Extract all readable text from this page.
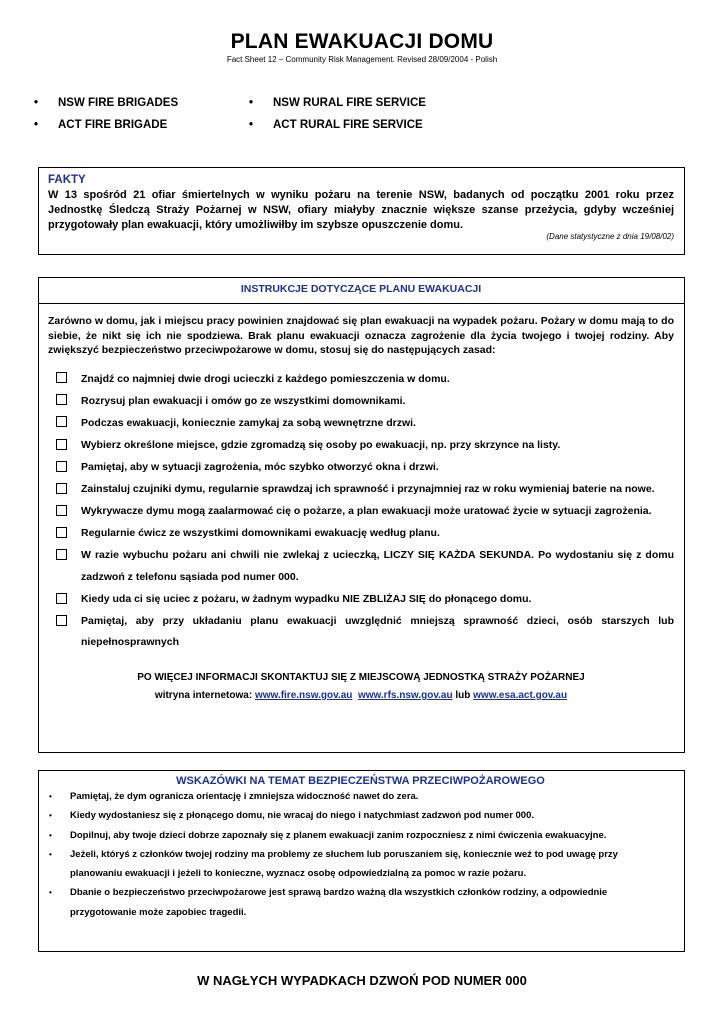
PLAN EWAKUACJI DOMU
Fact Sheet 12 – Community Risk Management. Revised 28/09/2004 - Polish
• NSW FIRE BRIGADES	• NSW RURAL FIRE SERVICE
• ACT FIRE BRIGADE	• ACT RURAL FIRE SERVICE
FAKTY
W 13 spośród 21 ofiar śmiertelnych w wyniku pożaru na terenie NSW, badanych od początku 2001 roku przez Jednostkę Śledczą Straży Pożarnej w NSW, ofiary miałyby znacznie większe szanse przeżycia, gdyby wcześniej przygotowały plan ewakuacji, który umożliwiłby im szybsze opuszczenie domu.
(Dane statystyczne z dnia 19/08/02)
INSTRUKCJE DOTYCZĄCE PLANU EWAKUACJI
Zarówno w domu, jak i miejscu pracy powinien znajdować się plan ewakuacji na wypadek pożaru. Pożary w domu mają to do siebie, że nikt się ich nie spodziewa. Brak planu ewakuacji oznacza zagrożenie dla życia twojego i twojej rodziny. Aby zwiększyć bezpieczeństwo przeciwpożarowe w domu, stosuj się do następujących zasad:
Znajdź co najmniej dwie drogi ucieczki z każdego pomieszczenia w domu.
Rozrysuj plan ewakuacji i omów go ze wszystkimi domownikami.
Podczas ewakuacji, koniecznie zamykaj za sobą wewnętrzne drzwi.
Wybierz określone miejsce, gdzie zgromadzą się osoby po ewakuacji, np. przy skrzynce na listy.
Pamiętaj, aby w sytuacji zagrożenia, móc szybko otworzyć okna i drzwi.
Zainstaluj czujniki dymu, regularnie sprawdzaj ich sprawność i przynajmniej raz w roku wymieniaj baterie na nowe.
Wykrywacze dymu mogą zaalarmować cię o pożarze, a plan ewakuacji może uratować życie w sytuacji zagrożenia.
Regularnie ćwicz ze wszystkimi domownikami ewakuację według planu.
W razie wybuchu pożaru ani chwili nie zwlekaj z ucieczką, LICZY SIĘ KAŻDA SEKUNDA. Po wydostaniu się z domu zadzwoń z telefonu sąsiada pod numer 000.
Kiedy uda ci się uciec z pożaru, w żadnym wypadku NIE ZBLIŻAJ SIĘ do płonącego domu.
Pamiętaj, aby przy układaniu planu ewakuacji uwzględnić mniejszą sprawność dzieci, osób starszych lub niepełnosprawnych
PO WIĘCEJ INFORMACJI SKONTAKTUJ SIĘ Z MIEJSCOWĄ JEDNOSTKĄ STRAŻY POŻARNEJ
witryna internetowa: www.fire.nsw.gov.au www.rfs.nsw.gov.au lub www.esa.act.gov.au
WSKAZÓWKI NA TEMAT BEZPIECZEŃSTWA PRZECIWPOŻAROWEGO
•	Pamiętaj, że dym ogranicza orientację i zmniejsza widoczność nawet do zera.
•	Kiedy wydostaniesz się z płonącego domu, nie wracaj do niego i natychmiast zadzwoń pod numer 000.
•	Dopilnuj, aby twoje dzieci dobrze zapoznały się z planem ewakuacji zanim rozpoczniesz z nimi ćwiczenia ewakuacyjne.
•	Jeżeli, któryś z członków twojej rodziny ma problemy ze słuchem lub poruszaniem się, koniecznie weź to pod uwagę przy planowaniu ewakuacji i jeżeli to konieczne, wyznacz osobę odpowiedzialną za pomoc w razie pożaru.
•	Dbanie o bezpieczeństwo przeciwpożarowe jest sprawą bardzo ważną dla wszystkich członków rodziny, a odpowiednie przygotowanie może zapobiec tragedii.
W NAGŁYCH WYPADKACH DZWOŃ POD NUMER 000
